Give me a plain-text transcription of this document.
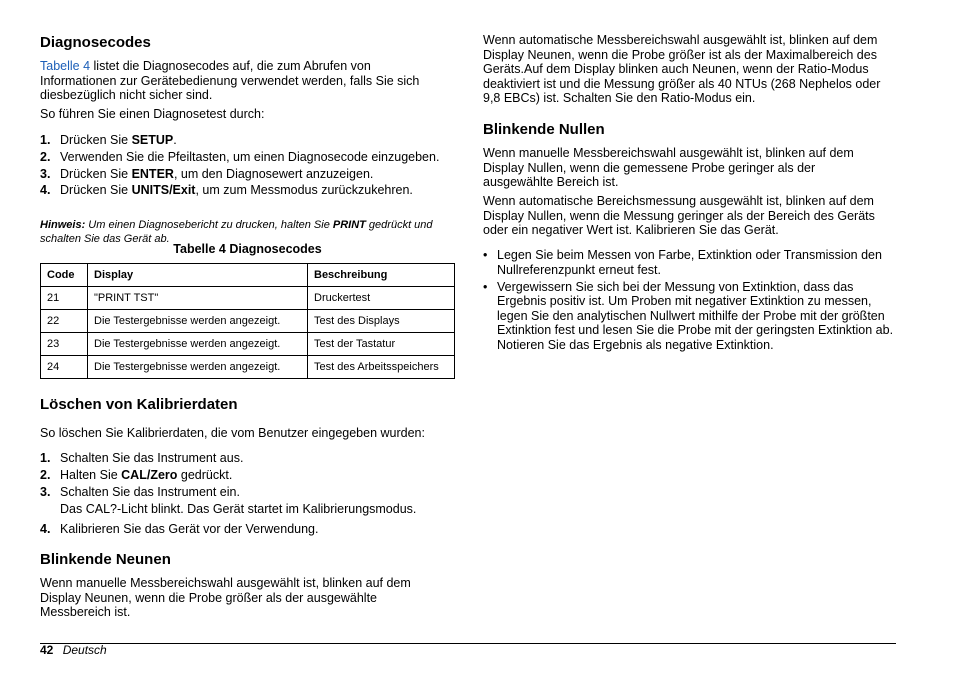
Diagnosecodes

Tabelle 4 listet die Diagnosecodes auf, die zum Abrufen von Informationen zur Gerätebedienung verwendet werden, falls Sie sich diesbezüglich nicht sicher sind.

So führen Sie einen Diagnosetest durch:

1. Drücken Sie SETUP.
2. Verwenden Sie die Pfeiltasten, um einen Diagnosecode einzugeben.
3. Drücken Sie ENTER, um den Diagnosewert anzuzeigen.
4. Drücken Sie UNITS/Exit, um zum Messmodus zurückzukehren.

Hinweis: Um einen Diagnosebericht zu drucken, halten Sie PRINT gedrückt und schalten Sie das Gerät ab.

Tabelle 4 Diagnosecodes
Code	Display	Beschreibung
21	"PRINT TST"	Druckertest
22	Die Testergebnisse werden angezeigt.	Test des Displays
23	Die Testergebnisse werden angezeigt.	Test der Tastatur
24	Die Testergebnisse werden angezeigt.	Test des Arbeitsspeichers
Löschen von Kalibrierdaten

So löschen Sie Kalibrierdaten, die vom Benutzer eingegeben wurden:

1. Schalten Sie das Instrument aus.
2. Halten Sie CAL/Zero gedrückt.
3. Schalten Sie das Instrument ein.
Das CAL?-Licht blinkt. Das Gerät startet im Kalibrierungsmodus.
4. Kalibrieren Sie das Gerät vor der Verwendung.
Blinkende Neunen

Wenn manuelle Messbereichswahl ausgewählt ist, blinken auf dem Display Neunen, wenn die Probe größer als der ausgewählte Messbereich ist.

Wenn automatische Messbereichswahl ausgewählt ist, blinken auf dem Display Neunen, wenn die Probe größer ist als der Maximalbereich des Geräts.Auf dem Display blinken auch Neunen, wenn der Ratio-Modus deaktiviert ist und die Messung größer als 40 NTUs (268 Nephelos oder 9,8 EBCs) ist. Schalten Sie den Ratio-Modus ein.

Blinkende Nullen

Wenn manuelle Messbereichswahl ausgewählt ist, blinken auf dem Display Nullen, wenn die gemessene Probe geringer als der ausgewählte Bereich ist.

Wenn automatische Bereichsmessung ausgewählt ist, blinken auf dem Display Nullen, wenn die Messung geringer als der Bereich des Geräts oder ein negativer Wert ist. Kalibrieren Sie das Gerät.

• Legen Sie beim Messen von Farbe, Extinktion oder Transmission den Nullreferenzpunkt erneut fest.
• Vergewissern Sie sich bei der Messung von Extinktion, dass das Ergebnis positiv ist. Um Proben mit negativer Extinktion zu messen, legen Sie den analytischen Nullwert mithilfe der Probe mit der größten Extinktion fest und lesen Sie die Probe mit der geringsten Extinktion ab. Notieren Sie das Ergebnis als negative Extinktion.
42 Deutsch
